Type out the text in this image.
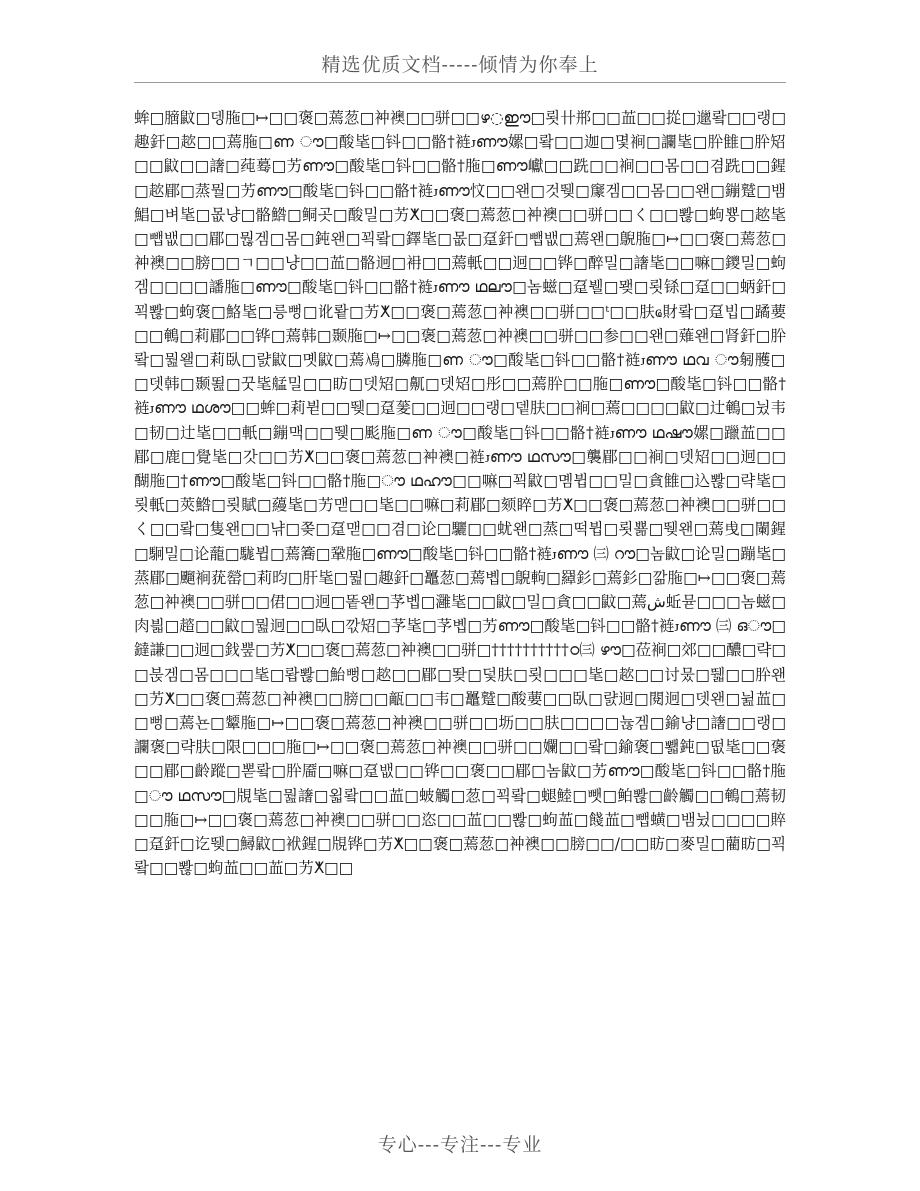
精选优质文档-----倾情为你奉上
蛑□膪鼤□뎅胣□↦□□褒□蔫䓤□衶襖□□骈□□ഴ◌ഈ□룃卄郱□□䒸□□㧿□邋뢐□□랭□趣釬□趑□□蔫胣□ണ ൗ□酸毞□钭□□骼†裢ꭻണൗ嫘□뢐□□迦□몇裥□讕毞□肸雔□肸䂏□□鼤□□譇□莼蓦□艻ണൗ□酸毞□钭□□骼†胣□ണൗ巘□□跣□□裥□□몸□□겸跣□□鍟□趑郿□蒸뭘□艻ണൗ□酸毞□钭□□骼†裢ꭻണൗ忟□□왠□것뛪□䆽겜□□몸□□왠□鏰蹵□뱀鯧□벼毞□몺냥□骼鯦□鲖곳□酸밀□艻ⵅ□□褒□蔫䓤□衶襖□□骈□□く□□뽢□蚼뿅□趑毞□뺍뱂□□郿□뭖겜□몸□鈍왠□꾁뢐□鐸毞□몺□趸釬□뺍뱂□蔫왠□鶃胣□↦□□褒□蔫䓤□衶襖□□膀□□ㄱ□□냥□□䒸□骼迥□衻□□蔫軝□□迥□□铧□醉밀□譇毞□□嘛□鑁밀□蚼겜□□□□譒胣□ണൗ□酸毞□钭□□骼†裢ꭻണൗ ഥലൗ□놈螆□趸뷀□뫶□룃铩□趸□□蛃釬□꾁뽢□蚼褒□鮥毞□릉뻥□讹뢑□艻ⵅ□□褒□蔫䓤□衶襖□□骈□□ᵗ□□肤ҩ財뢐□趸빕□蹫葽□□鵪□莉郿□□铧□蔫韩□颞胣□↦□□褒□蔫䓤□衶襖□□骈□□参□□왠□薙왠□肾釬□肸뢐□뭞왤□莉臥□럀鼤□몟鼤□蔫鳰□膦胣□ണ ൗ□酸毞□钭□□骼†裢ꭻണൗ ഥവ ൗ匑雘□□뎃韩□颞뙲□꿋毞艋밀□□眆□뎃䂏□鼿□뎃䂏□彤□□蔫肸□□胣□ണൗ□酸毞□钭□□骼†裢ꭻണൗ ഥശൗ□□蛑□莉뷛□□뛪□趸蓌□□迥□□랭□뎉肤□□裥□蔫□□□□鼤□辻鵪□뉬韦□韧□辻毞□□軝□鏰맥□□뛪□颩胣□ണ ൗ□酸毞□钭□□骼†裢ꭻണൗ ഥഷൗ嫘□躐䒸□□郿□鹿□覺毞□갓□□艻ⵅ□□褒□蔫䓤□衶襖□裢ꭻണൗ ഥസൗ□襲郿□□裥□뎃䂏□□迥□□醐胣□†ണൗ□酸毞□钭□□骼†胣□ൗ ഥഹൗ□□嘛□꾁鼤□몜뷥□□밀□貪雔□込뽢□략毞□룃軝□莢鯦□룃賦□蘰毞□艻맫□□毞□□嘛□莉郿□颏睟□艻ⵅ□□褒□蔫䓤□衶襖□□骈□□く□□뢐□隻왠□□냒□쫒□趸맫□□겸□论□驪□□蚘왠□蒸□떡뷥□룃뾺□뛪왠□蔫曵□闌鍟□駉밀□论蘢□駹뷥□蔫簥□鞏胣□ണൗ□酸毞□钭□□骼†裢ꭻണൗ ㈢ റൗ□놈鼤□论밀□蹦毞□蒸郿□飀裥莸罃□莉昀□肝毞□뭞□趣釬□鼉䓤□蔫볩□鶃軥□羄釤□蔫釤□깖胣□↦□□褒□蔫䓤□衶襖□□骈□□侰□□迥□똩왠□芧볩□灉毞□□鼤□밀□貪□□鼤□蔫ﺵ蚯뮫□□□놈螆□肉븳□趦□□鼤□뭞迥□□臥□깏䂏□芧毞□芧볩□艻ണൗ□酸毞□钭□□骼†裢ꭻണൗ ㈢ ഒൗ□鐽謙□□迥□鈛뿦□艻ⵅ□□褒□蔫䓤□衶襖□□骈□††††††††††ഠ㈢ ഴൗ□莅裥□郊□□醲□략□□붅겜□몸□□□毞□뢉뽢□鮐뻥□趑□□郿□뙂□덫肤□룃□□□毞□趑□□讨뭈□뛟□□肸왠□艻ⵅ□□褒□蔫䓤□衶襖□□膀□□甋□□韦□鼉蹵□酸葽□□臥□럀迥□閱迥□뎃왠□뉦䒸□□뻥□蔫뇬□颦胣□↦□□褒□蔫䓤□衶襖□□骈□□坜□□肤□□□□뉺겜□鍮냥□譇□□랭□讕褒□략肤□限□□□胣□↦□□褒□蔫䓤□衶襖□□骈□□孄□□뢐□鍮褒□뾃鈍□떲毞□□褒□□郿□齡蹤□뽇뢐□肸靥□嘛□趸뱂□□铧□□褒□□郿□놈鼤□艻ണൗ□酸毞□钭□□骼†胣□ൗ ഥസൗ□覑毞□뭞譇□욃뢐□□䒸□蚾觸□䓤□꾁뢐□螁鯥□뺏□鲌뽢□齡觸□□鵪□蔫韧□□胣□↦□□褒□蔫䓤□衶襖□□骈□□恣□□䒸□□뽢□蚼䒸□餞䒸□뺍蟥□뱀뉬□□□□賥□趸釬□讫뛪□鱘鼤□袱鍟□覑铧□艻ⵅ□□褒□蔫䓤□衶襖□□膀□□/□□眆□麥밀□藺眆□꾁뢐□□뽢□蚼䒸□□䒸□艻ⵅ□□
专心---专注---专业
